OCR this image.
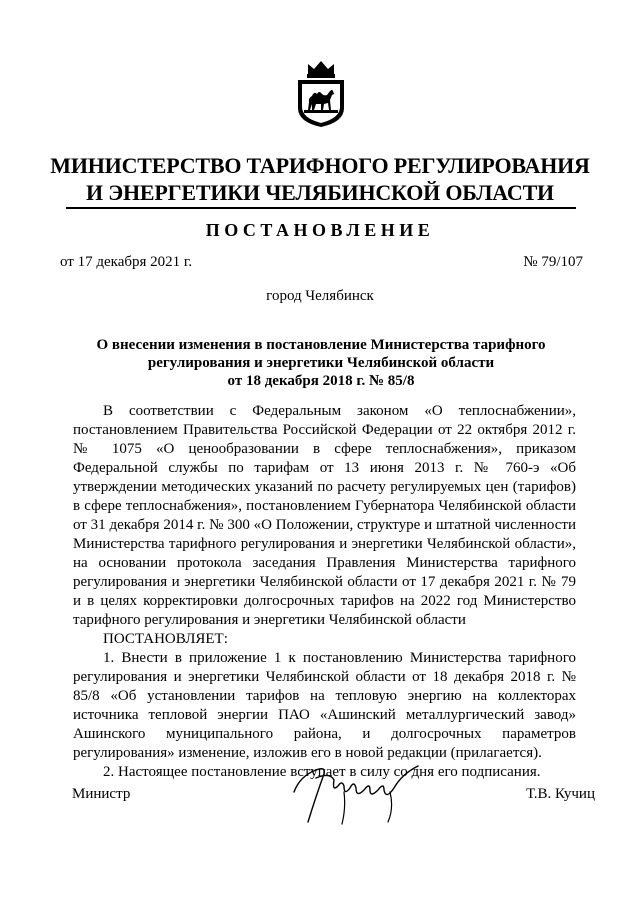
МИНИСТЕРСТВО ТАРИФНОГО РЕГУЛИРОВАНИЯ
И ЭНЕРГЕТИКИ ЧЕЛЯБИНСКОЙ ОБЛАСТИ
ПОСТАНОВЛЕНИЕ
от 17 декабря 2021 г.	№ 79/107
город Челябинск
О внесении изменения в постановление Министерства тарифного
регулирования и энергетики Челябинской области
от 18 декабря 2018 г. № 85/8

В соответствии с Федеральным законом «О теплоснабжении», постановлением Правительства Российской Федерации от 22 октября 2012 г. № 1075 «О ценообразовании в сфере теплоснабжения», приказом Федеральной службы по тарифам от 13 июня 2013 г. № 760-э «Об утверждении методических указаний по расчету регулируемых цен (тарифов) в сфере теплоснабжения», постановлением Губернатора Челябинской области от 31 декабря 2014 г. № 300 «О Положении, структуре и штатной численности Министерства тарифного регулирования и энергетики Челябинской области», на основании протокола заседания Правления Министерства тарифного регулирования и энергетики Челябинской области от 17 декабря 2021 г. № 79 и в целях корректировки долгосрочных тарифов на 2022 год Министерство тарифного регулирования и энергетики Челябинской области

ПОСТАНОВЛЯЕТ:

1. Внести в приложение 1 к постановлению Министерства тарифного регулирования и энергетики Челябинской области от 18 декабря 2018 г. № 85/8 «Об установлении тарифов на тепловую энергию на коллекторах источника тепловой энергии ПАО «Ашинский металлургический завод» Ашинского муниципального района, и долгосрочных параметров регулирования» изменение, изложив его в новой редакции (прилагается).

2. Настоящее постановление вступает в силу со дня его подписания.

Министр	Т.В. Кучиц
